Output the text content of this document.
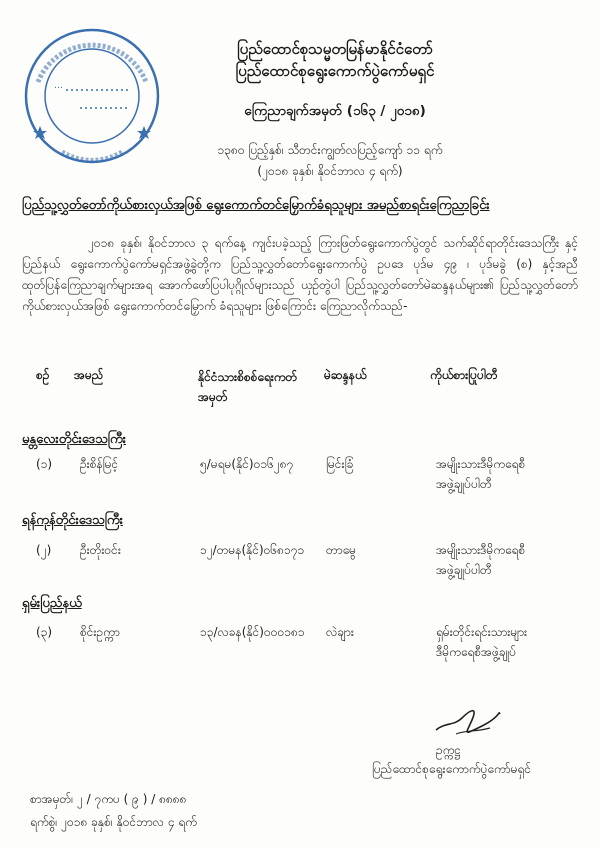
…
ပြည်ထောင်စုသမ္မတမြန်မာနိုင်ငံတော်
ပြည်ထောင်စုရွေးကောက်ပွဲကော်မရှင်
ကြေညာချက်အမှတ် (၁၆၃ / ၂၀၁၈)
၁၃၈၀ ပြည့်နှစ်၊ သီတင်းကျွတ်လပြည့်ကျော် ၁၁ ရက်
(၂၀၁၈ ခုနှစ်၊ နိုဝင်ဘာလ ၄ ရက်)
ပြည်သူ့လွှတ်တော်ကိုယ်စားလှယ်အဖြစ် ရွေးကောက်တင်မြှောက်ခံရသူများ အမည်စာရင်းကြေညာခြင်း
၂၀၁၈ ခုနှစ်၊ နိုဝင်ဘာလ ၃ ရက်နေ့ ကျင်းပခဲ့သည့် ကြားဖြတ်ရွေးကောက်ပွဲတွင် သက်ဆိုင်ရာတိုင်းဒေသကြီး နှင့် ပြည်နယ် ရွေးကောက်ပွဲကော်မရှင်အဖွဲ့ခွဲတို့က ပြည်သူ့လွှတ်တော်ရွေးကောက်ပွဲ ဥပဒေ ပုဒ်မ ၄၉ ၊ ပုဒ်မခွဲ (စ) နှင့်အညီ ထုတ်ပြန်ကြေညာချက်များအရ အောက်ဖော်ပြပါပုဂ္ဂိုလ်များသည် ယှဉ်တွဲပါ ပြည်သူ့လွှတ်တော်မဲဆန္ဒနယ်များ၏ ပြည်သူ့လွှတ်တော်ကိုယ်စားလှယ်အဖြစ် ရွေးကောက်တင်မြှောက် ခံရသူများ ဖြစ်ကြောင်း ကြေညာလိုက်သည်-
စဉ် အမည်	နိုင်ငံသားစိစစ်ရေးကတ်အမှတ်
မဲဆန္ဒနယ်	ကိုယ်စားပြုပါတီ
မန္တလေးတိုင်းဒေသကြီး
(၁) ဦးစိန်မြင့်	၅/မရမ(နိုင်)၀၁၆၂၈၇	မြင်းခြံ	အမျိုးသားဒီမိုကရေစီ
အဖွဲ့ချုပ်ပါတီ
ရန်ကုန်တိုင်းဒေသကြီး
(၂) ဦးတိုးဝင်း	၁၂/တမန(နိုင်)၀၆၈၁၇၁ တာမွေ	အမျိုးသားဒီမိုကရေစီ
အဖွဲ့ချုပ်ပါတီ
ရှမ်းပြည်နယ်
(၃) စိုင်းဥက္ကာ	၁၃/လခန(နိုင်)၀၀၀၁၈၁ လဲချား	ရှမ်းတိုင်းရင်းသားများ
ဒီမိုကရေစီအဖွဲ့ချုပ်
ဥက္ကဋ္ဌ
ပြည်ထောင်စုရွေးကောက်ပွဲကော်မရှင်
စာအမှတ်၊ ၂ / ၇ကပ ( ၉ ) / ၈၈၈၈
ရက်စွဲ၊ ၂၀၁၈ ခုနှစ်၊ နိုဝင်ဘာလ ၄ ရက်
